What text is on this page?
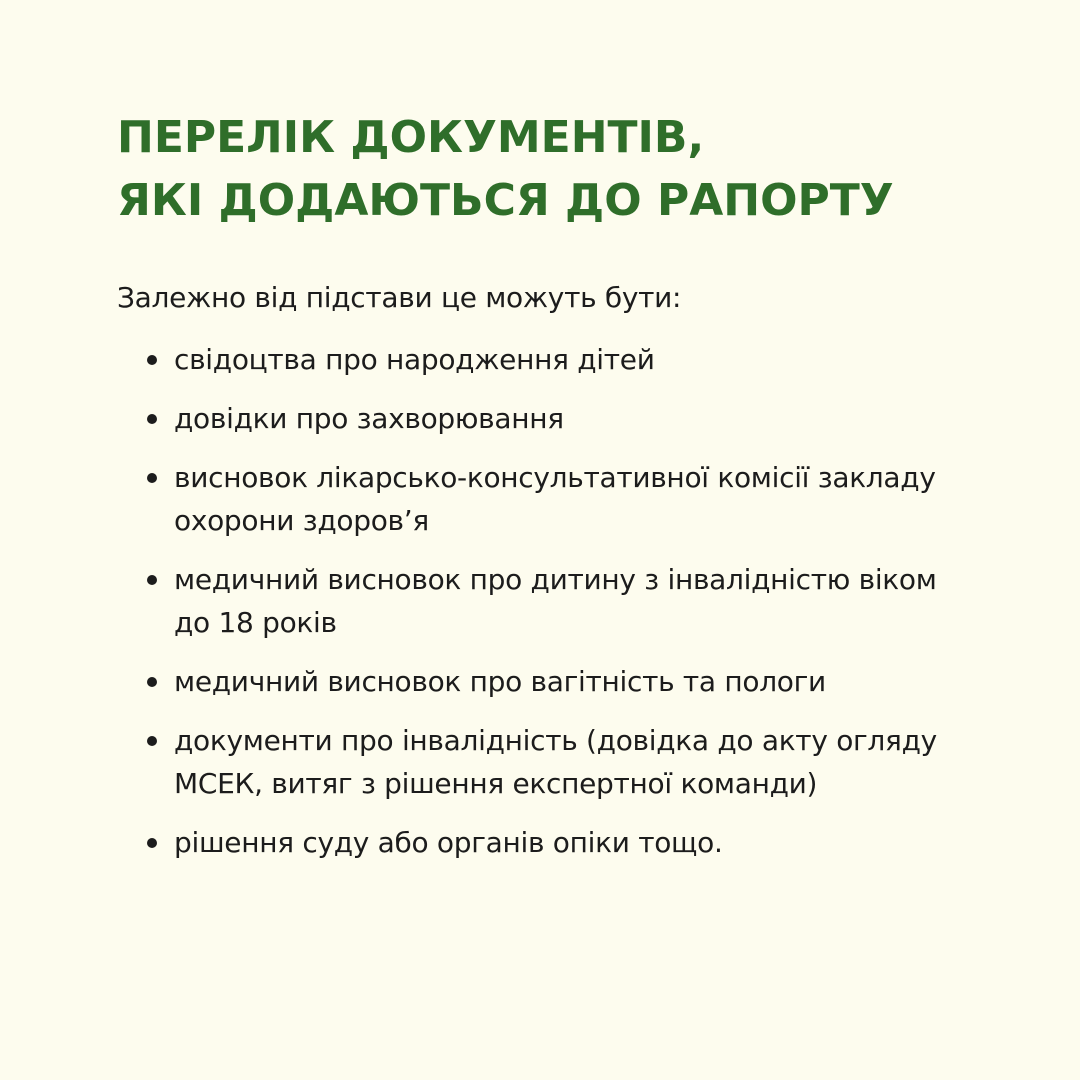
ПЕРЕЛІК ДОКУМЕНТІВ,
ЯКІ ДОДАЮТЬСЯ ДО РАПОРТУ

Залежно від підстави це можуть бути:

свідоцтва про народження дітей
довідки про захворювання
висновок лікарсько-консультативної комісії закладу охорони здоров’я
медичний висновок про дитину з інвалідністю віком до 18 років
медичний висновок про вагітність та пологи
документи про інвалідність (довідка до акту огляду МСЕК, витяг з рішення експертної команди)
рішення суду або органів опіки тощо.
